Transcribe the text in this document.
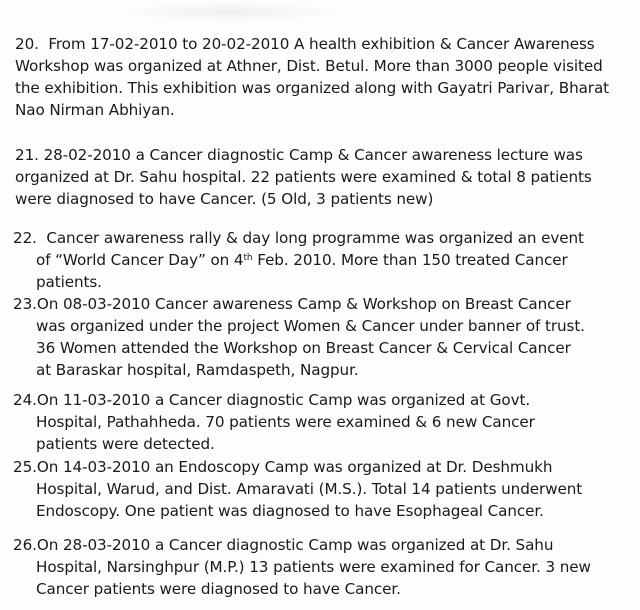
20. From 17-02-2010 to 20-02-2010 A health exhibition & Cancer Awareness
Workshop was organized at Athner, Dist. Betul. More than 3000 people visited
the exhibition. This exhibition was organized along with Gayatri Parivar, Bharat
Nao Nirman Abhiyan.
21. 28-02-2010 a Cancer diagnostic Camp & Cancer awareness lecture was
organized at Dr. Sahu hospital. 22 patients were examined & total 8 patients
were diagnosed to have Cancer. (5 Old, 3 patients new)
22. Cancer awareness rally & day long programme was organized an event
of “World Cancer Day” on 4th Feb. 2010. More than 150 treated Cancer
patients.
23.On 08-03-2010 Cancer awareness Camp & Workshop on Breast Cancer
was organized under the project Women & Cancer under banner of trust.
36 Women attended the Workshop on Breast Cancer & Cervical Cancer
at Baraskar hospital, Ramdaspeth, Nagpur.
24.On 11-03-2010 a Cancer diagnostic Camp was organized at Govt.
Hospital, Pathahheda. 70 patients were examined & 6 new Cancer
patients were detected.
25.On 14-03-2010 an Endoscopy Camp was organized at Dr. Deshmukh
Hospital, Warud, and Dist. Amaravati (M.S.). Total 14 patients underwent
Endoscopy. One patient was diagnosed to have Esophageal Cancer.
26.On 28-03-2010 a Cancer diagnostic Camp was organized at Dr. Sahu
Hospital, Narsinghpur (M.P.) 13 patients were examined for Cancer. 3 new
Cancer patients were diagnosed to have Cancer.
